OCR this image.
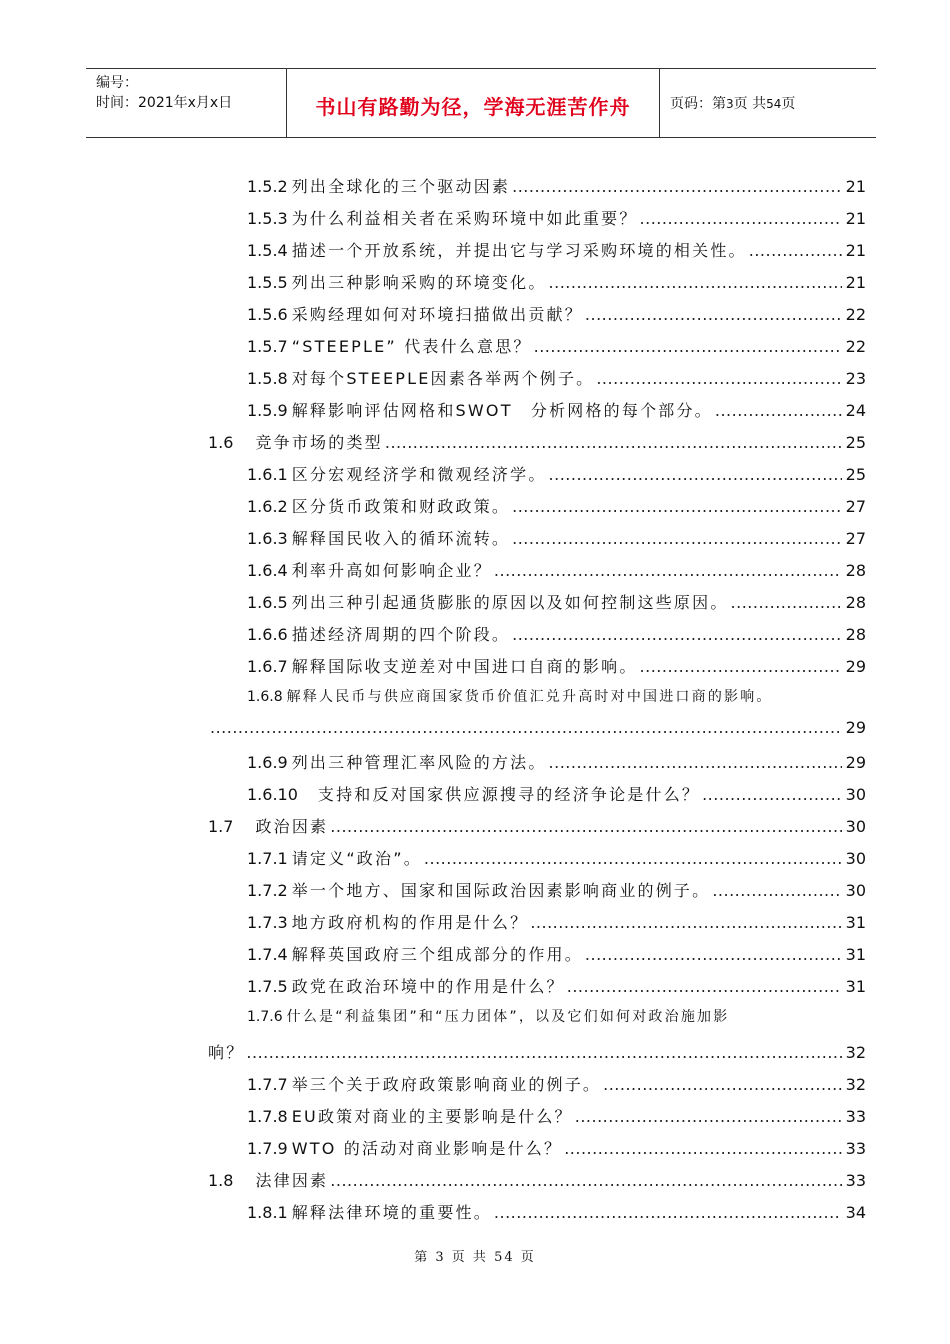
编号：
时间：2021年x月x日	书山有路勤为径，学海无涯苦作舟	页码：第3页 共54页
1.5.2 列出全球化的三个驱动因素 .....	21
1.5.3 为什么利益相关者在采购环境中如此重要？ .....	21
1.5.4 描述一个开放系统，并提出它与学习采购环境的相关性。 .....	21
1.5.5 列出三种影响采购的环境变化。 .....	21
1.5.6 采购经理如何对环境扫描做出贡献？ .....	22
1.5.7 “STEEPLE” 代表什么意思？ .....	22
1.5.8 对每个STEEPLE因素各举两个例子。 .....	23
1.5.9 解释影响评估网格和SWOT　分析网格的每个部分。 .....	24
1.6 竞争市场的类型 .....	25
1.6.1 区分宏观经济学和微观经济学。 .....	25
1.6.2 区分货币政策和财政政策。 .....	27
1.6.3 解释国民收入的循环流转。 .....	27
1.6.4 利率升高如何影响企业？ .....	28
1.6.5 列出三种引起通货膨胀的原因以及如何控制这些原因。 .....	28
1.6.6 描述经济周期的四个阶段。 .....	28
1.6.7 解释国际收支逆差对中国进口自商的影响。 .....	29
1.6.8 解释人民币与供应商国家货币价值汇兑升高时对中国进口商的影响。
.....
29
1.6.9 列出三种管理汇率风险的方法。 .....	29
1.6.10 支持和反对国家供应源搜寻的经济争论是什么？ .....	30
1.7 政治因素 .....	30
1.7.1 请定义“政治”。 .....	30
1.7.2 举一个地方、国家和国际政治因素影响商业的例子。 .....	30
1.7.3 地方政府机构的作用是什么？ .....	31
1.7.4 解释英国政府三个组成部分的作用。 .....	31
1.7.5 政党在政治环境中的作用是什么？ .....	31
1.7.6 什么是“利益集团”和“压力团体”，以及它们如何对政治施加影
响？ .....	32
1.7.7 举三个关于政府政策影响商业的例子。 .....	32
1.7.8 EU政策对商业的主要影响是什么？ .....	33
1.7.9 WTO 的活动对商业影响是什么？ .....	33
1.8 法律因素 .....	33
1.8.1 解释法律环境的重要性。 .....	34
第 3 页 共 54 页
